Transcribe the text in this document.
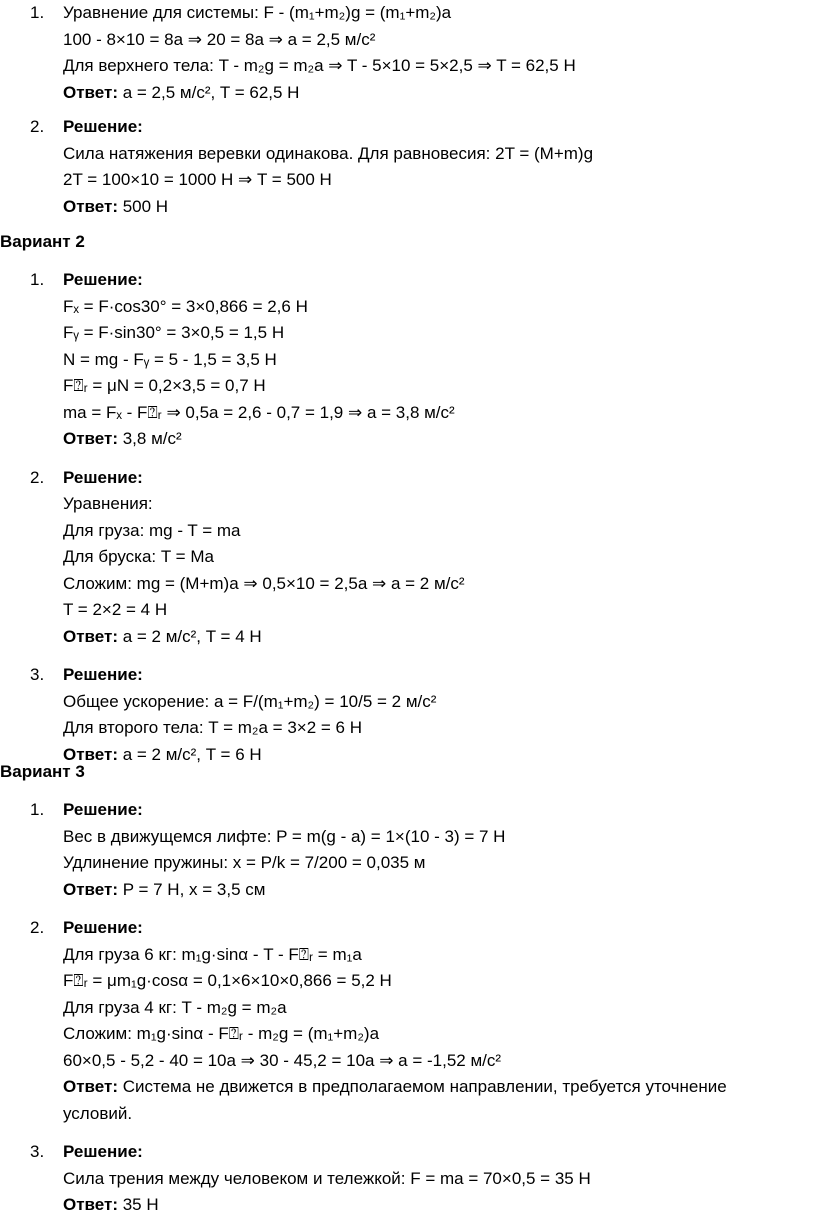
1.	Уравнение для системы: F - (m₁+m₂)g = (m₁+m₂)a
100 - 8×10 = 8a ⇒ 20 = 8a ⇒ a = 2,5 м/с²
Для верхнего тела: T - m₂g = m₂a ⇒ T - 5×10 = 5×2,5 ⇒ T = 62,5 Н
Ответ: a = 2,5 м/с², T = 62,5 Н
2.	Решение:
Сила натяжения веревки одинакова. Для равновесия: 2T = (M+m)g
2T = 100×10 = 1000 Н ⇒ T = 500 Н
Ответ: 500 Н
Вариант 2
1.	Решение:
Fₓ = F·cos30° = 3×0,866 = 2,6 Н
Fᵧ = F·sin30° = 3×0,5 = 1,5 Н
N = mg - Fᵧ = 5 - 1,5 = 3,5 Н
F⍰ᵣ = μN = 0,2×3,5 = 0,7 Н
ma = Fₓ - F⍰ᵣ ⇒ 0,5a = 2,6 - 0,7 = 1,9 ⇒ a = 3,8 м/с²
Ответ: 3,8 м/с²
2.	Решение:
Уравнения:
Для груза: mg - T = ma
Для бруска: T = Ma
Сложим: mg = (M+m)a ⇒ 0,5×10 = 2,5a ⇒ a = 2 м/с²
T = 2×2 = 4 Н
Ответ: a = 2 м/с², T = 4 Н
3.	Решение:
Общее ускорение: a = F/(m₁+m₂) = 10/5 = 2 м/с²
Для второго тела: T = m₂a = 3×2 = 6 Н
Ответ: a = 2 м/с², T = 6 Н
Вариант 3
1.	Решение:
Вес в движущемся лифте: P = m(g - a) = 1×(10 - 3) = 7 Н
Удлинение пружины: x = P/k = 7/200 = 0,035 м
Ответ: P = 7 Н, x = 3,5 см
2.	Решение:
Для груза 6 кг: m₁g·sinα - T - F⍰ᵣ = m₁a
F⍰ᵣ = μm₁g·cosα = 0,1×6×10×0,866 = 5,2 Н
Для груза 4 кг: T - m₂g = m₂a
Сложим: m₁g·sinα - F⍰ᵣ - m₂g = (m₁+m₂)a
60×0,5 - 5,2 - 40 = 10a ⇒ 30 - 45,2 = 10a ⇒ a = -1,52 м/с²
Ответ: Система не движется в предполагаемом направлении, требуется уточнение условий.
3.	Решение:
Сила трения между человеком и тележкой: F = ma = 70×0,5 = 35 Н
Ответ: 35 Н
